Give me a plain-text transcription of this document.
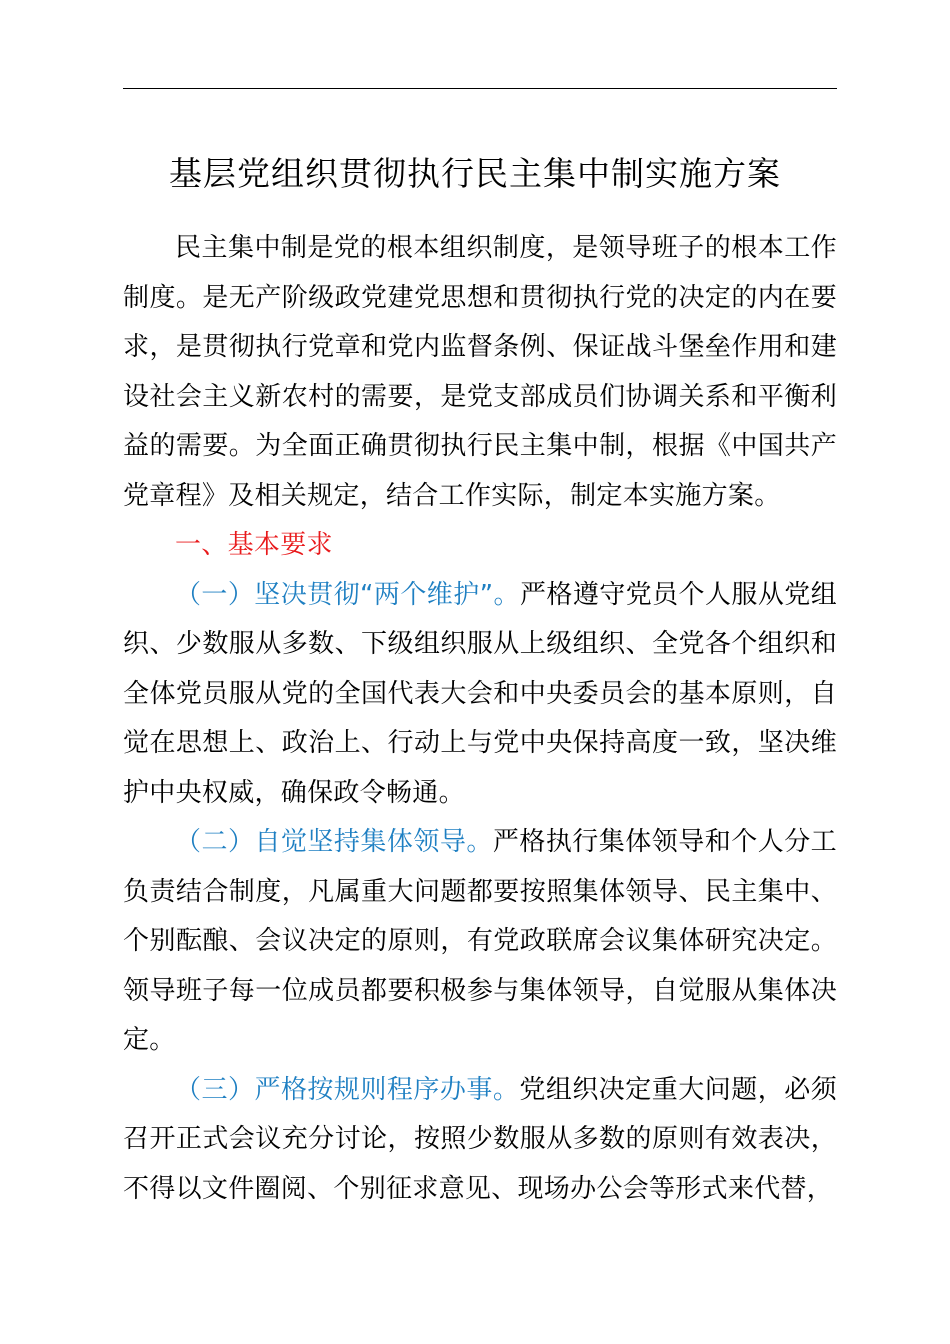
基层党组织贯彻执行民主集中制实施方案

民主集中制是党的根本组织制度，是领导班子的根本工作制度。是无产阶级政党建党思想和贯彻执行党的决定的内在要求，是贯彻执行党章和党内监督条例、保证战斗堡垒作用和建设社会主义新农村的需要，是党支部成员们协调关系和平衡利益的需要。为全面正确贯彻执行民主集中制，根据《中国共产党章程》及相关规定，结合工作实际，制定本实施方案。

一、基本要求

（一）坚决贯彻“两个维护”。严格遵守党员个人服从党组织、少数服从多数、下级组织服从上级组织、全党各个组织和全体党员服从党的全国代表大会和中央委员会的基本原则，自觉在思想上、政治上、行动上与党中央保持高度一致，坚决维护中央权威，确保政令畅通。

（二）自觉坚持集体领导。严格执行集体领导和个人分工负责结合制度，凡属重大问题都要按照集体领导、民主集中、个别酝酿、会议决定的原则，有党政联席会议集体研究决定。领导班子每一位成员都要积极参与集体领导，自觉服从集体决定。

（三）严格按规则程序办事。党组织决定重大问题，必须召开正式会议充分讨论，按照少数服从多数的原则有效表决，不得以文件圈阅、个别征求意见、现场办公会等形式来代替，
